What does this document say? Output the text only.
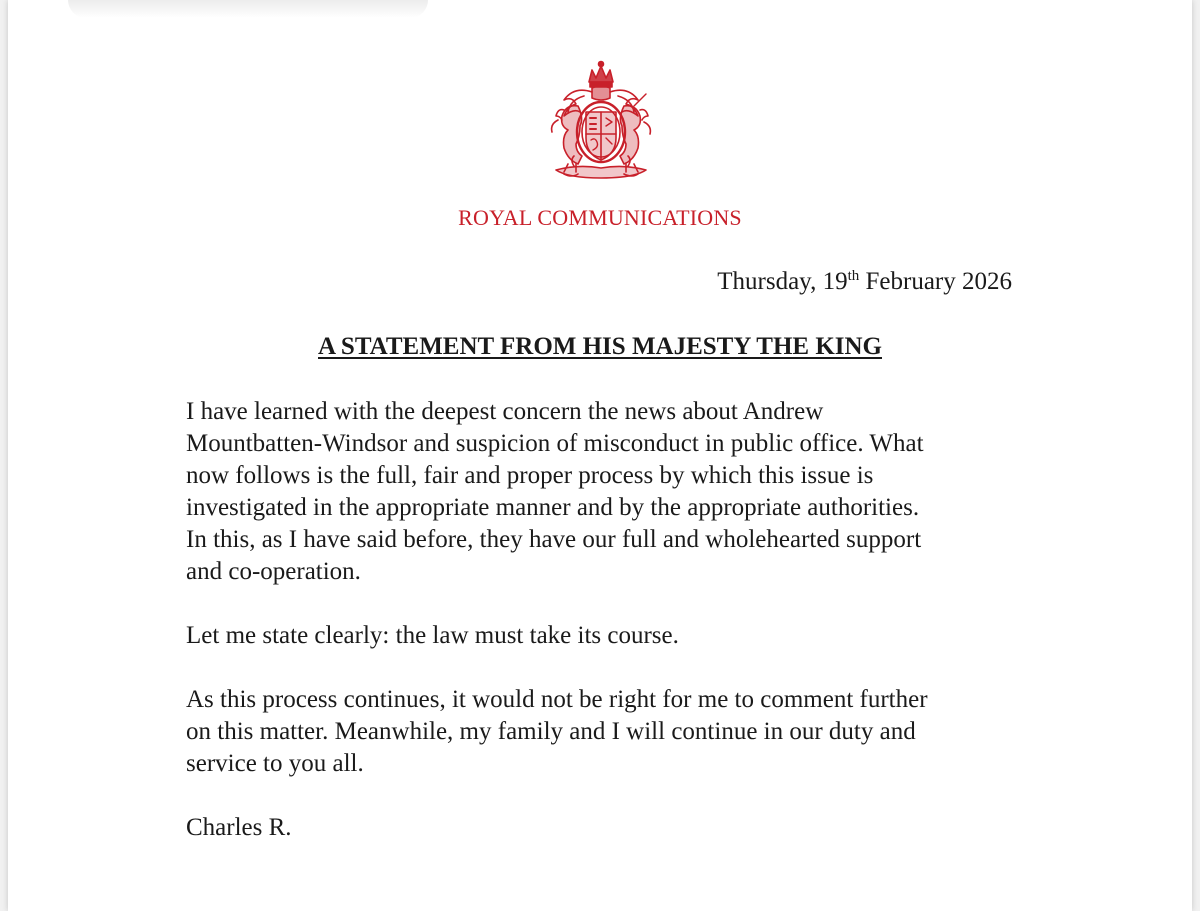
ROYAL COMMUNICATIONS
Thursday, 19th February 2026
A STATEMENT FROM HIS MAJESTY THE KING

I have learned with the deepest concern the news about Andrew
Mountbatten-Windsor and suspicion of misconduct in public office. What
now follows is the full, fair and proper process by which this issue is
investigated in the appropriate manner and by the appropriate authorities.
In this, as I have said before, they have our full and wholehearted support
and co-operation.

Let me state clearly: the law must take its course.

As this process continues, it would not be right for me to comment further
on this matter. Meanwhile, my family and I will continue in our duty and
service to you all.

Charles R.
